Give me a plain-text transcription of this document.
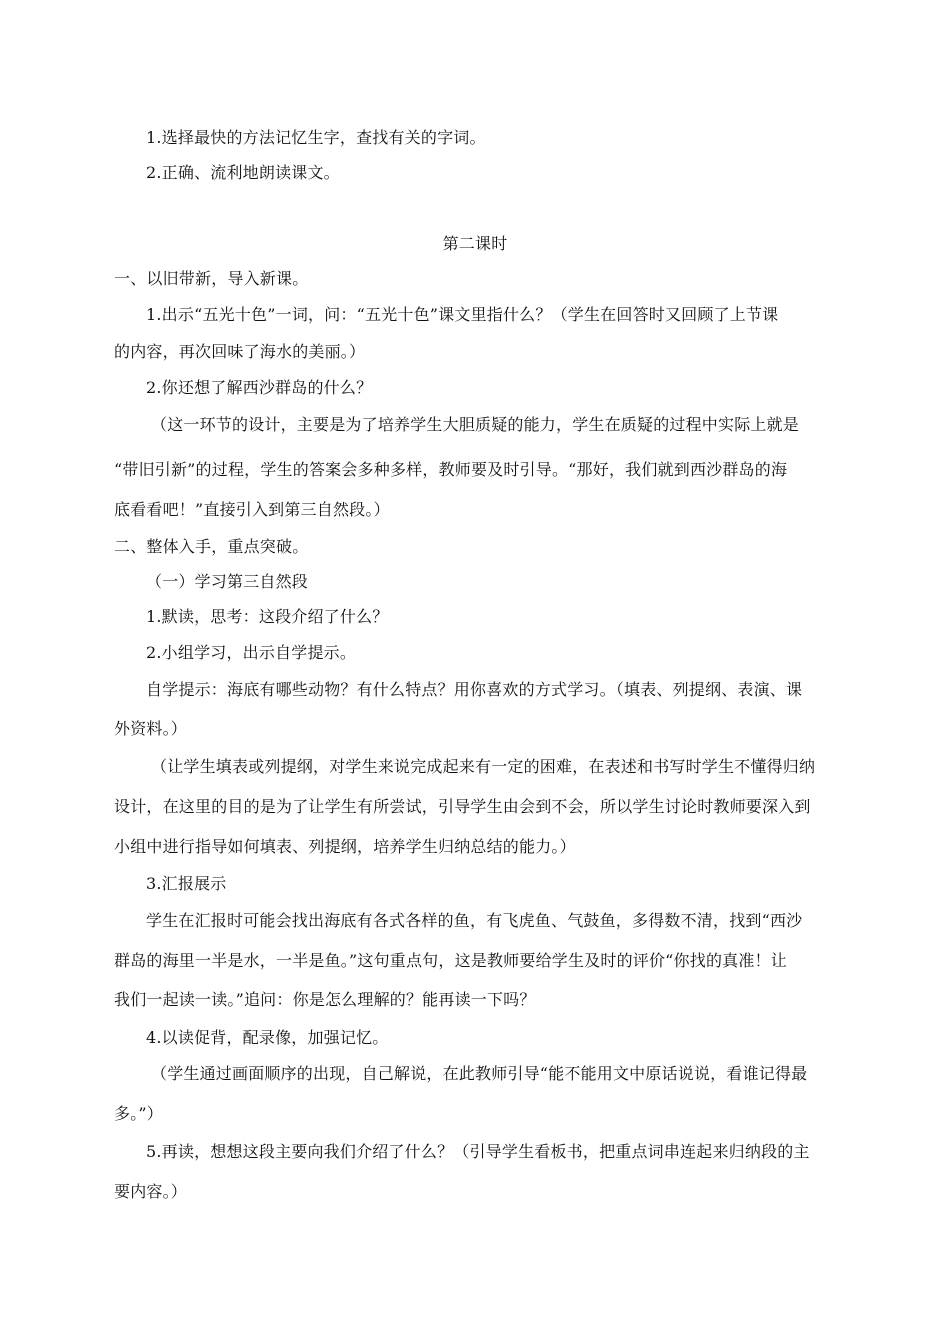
1.选择最快的方法记忆生字，查找有关的字词。
2.正确、流利地朗读课文。
第二课时
一、以旧带新，导入新课。
1.出示“五光十色”一词，问：“五光十色”课文里指什么？（学生在回答时又回顾了上节课
的内容，再次回味了海水的美丽。）
2.你还想了解西沙群岛的什么？
（这一环节的设计，主要是为了培养学生大胆质疑的能力，学生在质疑的过程中实际上就是
“带旧引新”的过程，学生的答案会多种多样，教师要及时引导。“那好，我们就到西沙群岛的海
底看看吧！”直接引入到第三自然段。）
二、整体入手，重点突破。
（一）学习第三自然段
1.默读，思考：这段介绍了什么？
2.小组学习，出示自学提示。
自学提示：海底有哪些动物？有什么特点？用你喜欢的方式学习。（填表、列提纲、表演、课
外资料。）
（让学生填表或列提纲，对学生来说完成起来有一定的困难，在表述和书写时学生不懂得归纳
设计，在这里的目的是为了让学生有所尝试，引导学生由会到不会，所以学生讨论时教师要深入到
小组中进行指导如何填表、列提纲，培养学生归纳总结的能力。）
3.汇报展示
学生在汇报时可能会找出海底有各式各样的鱼，有飞虎鱼、气鼓鱼，多得数不清，找到“西沙
群岛的海里一半是水，一半是鱼。”这句重点句，这是教师要给学生及时的评价“你找的真准！让
我们一起读一读。”追问：你是怎么理解的？能再读一下吗？
4.以读促背，配录像，加强记忆。
（学生通过画面顺序的出现，自己解说，在此教师引导“能不能用文中原话说说，看谁记得最
多。”）
5.再读，想想这段主要向我们介绍了什么？（引导学生看板书，把重点词串连起来归纳段的主
要内容。）
